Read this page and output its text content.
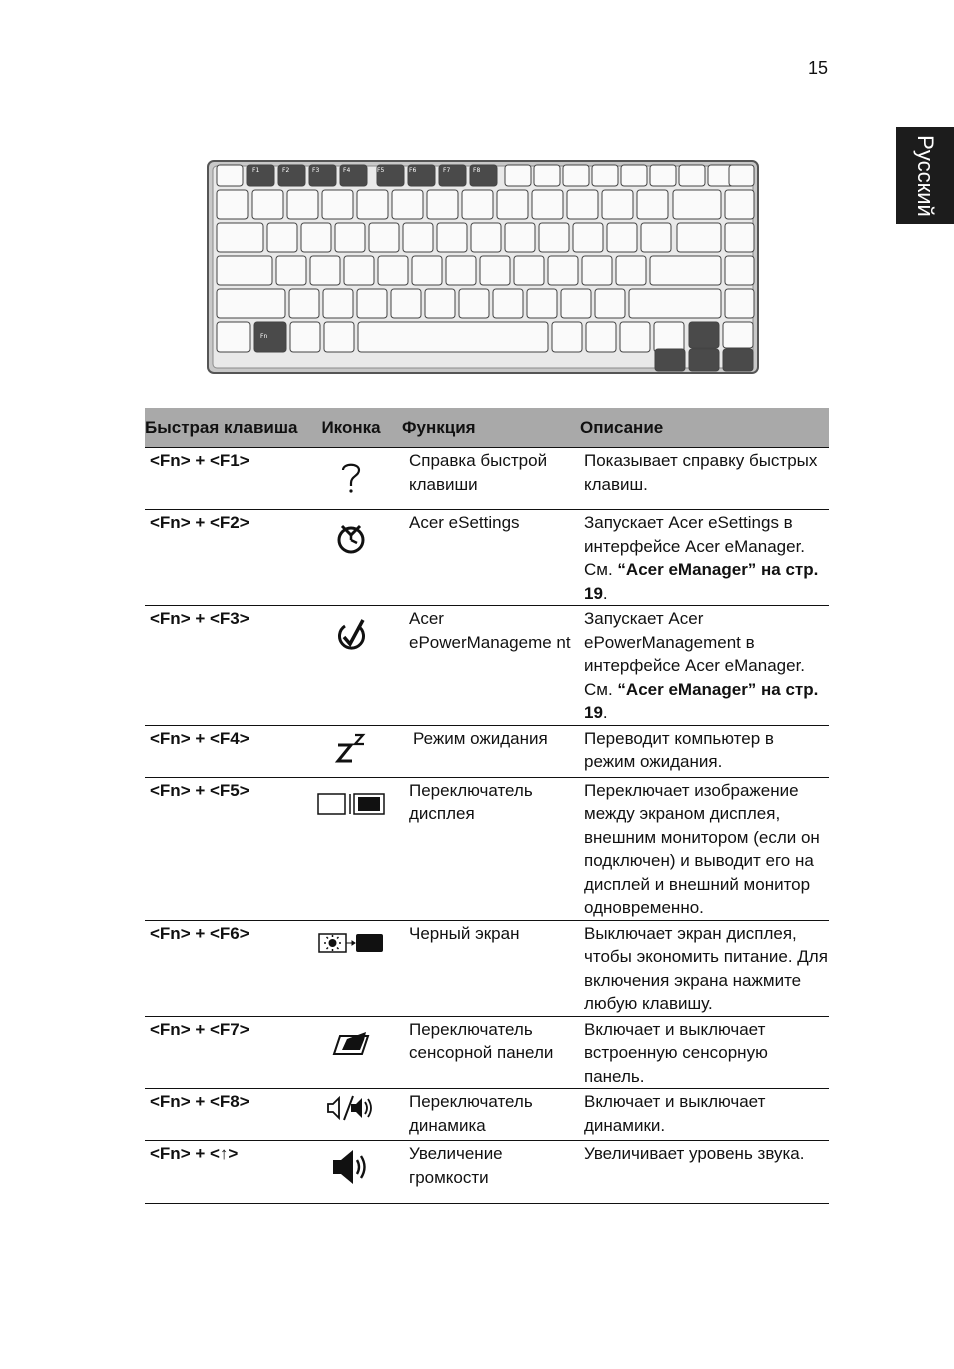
15
Русский
F1	F2	F3	F4	F5	F6	F7	F8
Fn
Быстрая клавиша	Иконка	Функция	Описание
<Fn> + <F1>		Справка быстрой клавиши	Показывает справку быстрых клавиш.
<Fn> + <F2>		Acer eSettings	Запускает Acer eSettings в интерфейсе Acer eManager. См. “Acer eManager” на стр. 19.
<Fn> + <F3>		Acer ePowerManageme nt	Запускает Acer ePowerManagement в интерфейсе Acer eManager. См. “Acer eManager” на стр. 19.
<Fn> + <F4>		Режим ожидания	Переводит компьютер в режим ожидания.
<Fn> + <F5>		Переключатель дисплея	Переключает изображение между экраном дисплея, внешним монитором (если он подключен) и выводит его на дисплей и внешний монитор одновременно.
<Fn> + <F6>		Черный экран	Выключает экран дисплея, чтобы экономить питание. Для включения экрана нажмите любую клавишу.
<Fn> + <F7>		Переключатель сенсорной панели	Включает и выключает встроенную сенсорную панель.
<Fn> + <F8>		Переключатель динамика	Включает и выключает динамики.
<Fn> + <↑>		Увеличение громкости	Увеличивает уровень звука.
